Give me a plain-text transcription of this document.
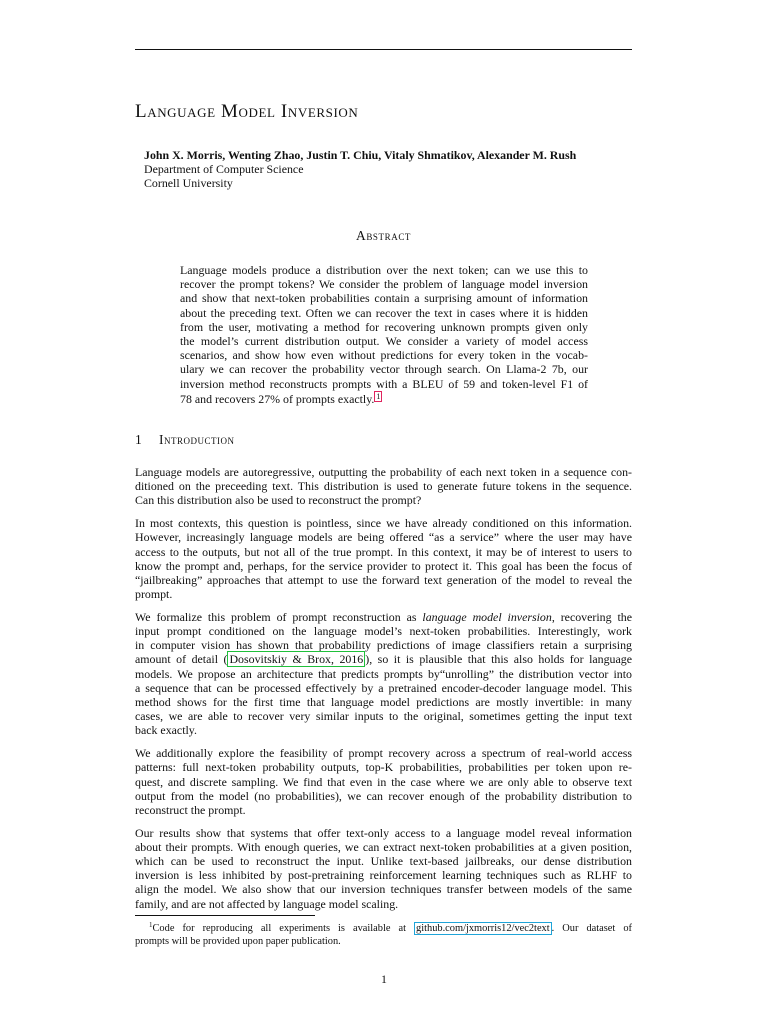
Language Model Inversion
John X. Morris, Wenting Zhao, Justin T. Chiu, Vitaly Shmatikov, Alexander M. Rush
Department of Computer Science
Cornell University
Abstract
Language models produce a distribution over the next token; can we use this to
recover the prompt tokens? We consider the problem of language model inversion
and show that next-token probabilities contain a surprising amount of information
about the preceding text. Often we can recover the text in cases where it is hidden
from the user, motivating a method for recovering unknown prompts given only
the model’s current distribution output. We consider a variety of model access
scenarios, and show how even without predictions for every token in the vocab-
ulary we can recover the probability vector through search. On Llama-2 7b, our
inversion method reconstructs prompts with a BLEU of 59 and token-level F1 of
78 and recovers 27% of prompts exactly. 1
1 Introduction
Language models are autoregressive, outputting the probability of each next token in a sequence con-
ditioned on the preceeding text. This distribution is used to generate future tokens in the sequence.
Can this distribution also be used to reconstruct the prompt?
In most contexts, this question is pointless, since we have already conditioned on this information.
However, increasingly language models are being offered “as a service” where the user may have
access to the outputs, but not all of the true prompt. In this context, it may be of interest to users to
know the prompt and, perhaps, for the service provider to protect it. This goal has been the focus of
“jailbreaking” approaches that attempt to use the forward text generation of the model to reveal the
prompt.
We formalize this problem of prompt reconstruction as language model inversion, recovering the
input prompt conditioned on the language model’s next-token probabilities. Interestingly, work
in computer vision has shown that probability predictions of image classifiers retain a surprising
amount of detail ( Dosovitskiy & Brox, 2016 ), so it is plausible that this also holds for language
models. We propose an architecture that predicts prompts by“unrolling” the distribution vector into
a sequence that can be processed effectively by a pretrained encoder-decoder language model. This
method shows for the first time that language model predictions are mostly invertible: in many
cases, we are able to recover very similar inputs to the original, sometimes getting the input text
back exactly.
We additionally explore the feasibility of prompt recovery across a spectrum of real-world access
patterns: full next-token probability outputs, top-K probabilities, probabilities per token upon re-
quest, and discrete sampling. We find that even in the case where we are only able to observe text
output from the model (no probabilities), we can recover enough of the probability distribution to
reconstruct the prompt.
Our results show that systems that offer text-only access to a language model reveal information
about their prompts. With enough queries, we can extract next-token probabilities at a given position,
which can be used to reconstruct the input. Unlike text-based jailbreaks, our dense distribution
inversion is less inhibited by post-pretraining reinforcement learning techniques such as RLHF to
align the model. We also show that our inversion techniques transfer between models of the same
family, and are not affected by language model scaling.
$^1$Code for reproducing all experiments is available at github.com/jxmorris12/vec2text . Our dataset of
prompts will be provided upon paper publication.
1
